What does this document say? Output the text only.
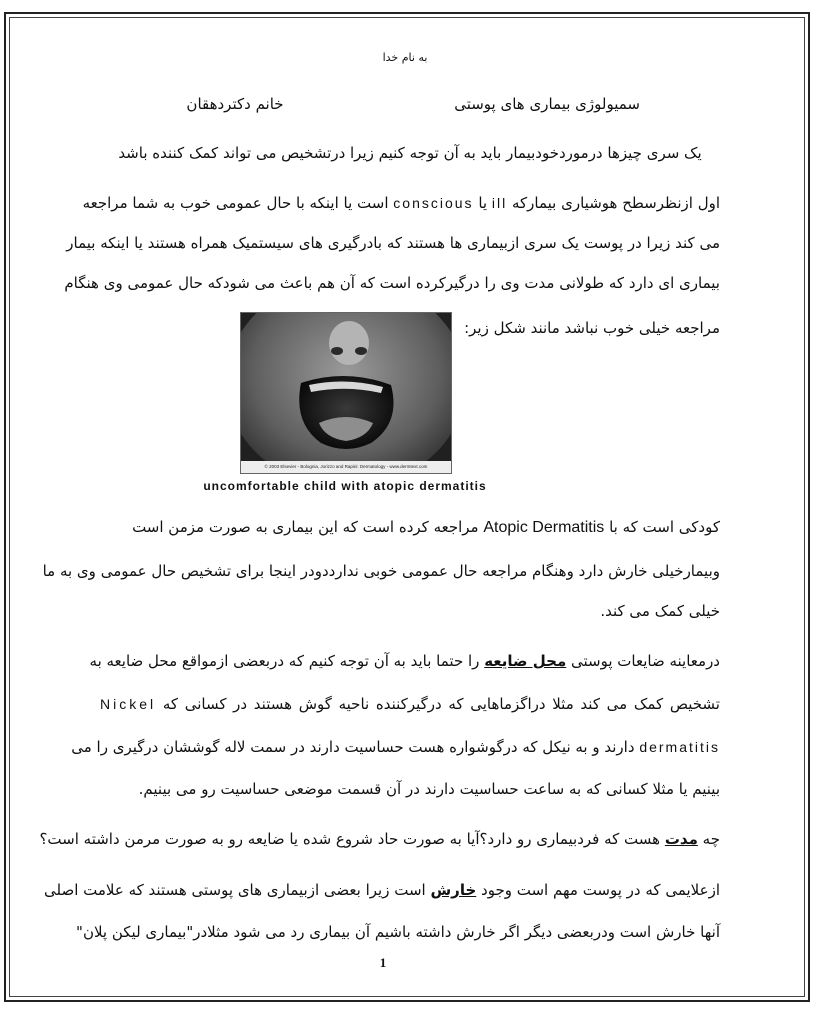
به نام خدا
سميولوژی بيماری های پوستی
خانم دکتردهقان
يک سری چيزها درموردخودبيمار بايد به آن توجه کنيم زيرا درتشخيص می تواند کمک کننده باشد
اول ازنظرسطح هوشياری بيمارکه ill يا conscious است يا اينکه با حال عمومی خوب به شما مراجعه
می کند زيرا در پوست يک سری ازبيماری ها هستند که بادرگيری های سيستميک همراه هستند يا اينکه بيمار
بيماری ای دارد که طولانی مدت وی را درگيرکرده است که آن هم باعث می شودکه حال عمومی وی هنگام
مراجعه خيلی خوب نباشد مانند شکل زير:
© 2003 Elsevier - Bolognia, Jorizzo and Rapini: Dermatology - www.dermtext.com
uncomfortable child with atopic dermatitis
کودکی است که با Atopic Dermatitis مراجعه کرده است که اين بيماری به صورت مزمن است
وبيمارخيلی خارش دارد وهنگام مراجعه حال عمومی خوبی ندارددودر اينجا برای تشخيص حال عمومی وی به ما
خيلی کمک می کند.
درمعاينه ضايعات پوستی محل ضايعه را حتما بايد به آن توجه کنيم که دربعضی ازمواقع محل ضايعه به
تشخيص کمک می کند مثلا دراگزماهايی که درگيرکننده ناحيه گوش هستند در کسانی که Nickel
dermatitis دارند و به نيکل که درگوشواره هست حساسيت دارند در سمت لاله گوششان درگيری را می
بينيم يا مثلا کسانی که به ساعت حساسيت دارند در آن قسمت موضعی حساسيت رو می بينيم.
چه مدت هست که فردبيماری رو دارد؟آيا به صورت حاد شروع شده يا ضايعه رو به صورت مرمن داشته است؟
ازعلايمی که در پوست مهم است وجود خارش است زيرا بعضی ازبيماری های پوستی هستند که علامت اصلی
آنها خارش است ودربعضی ديگر اگر خارش داشته باشيم آن بيماری رد می شود مثلادر"بيماری ليکن پلان"
1
